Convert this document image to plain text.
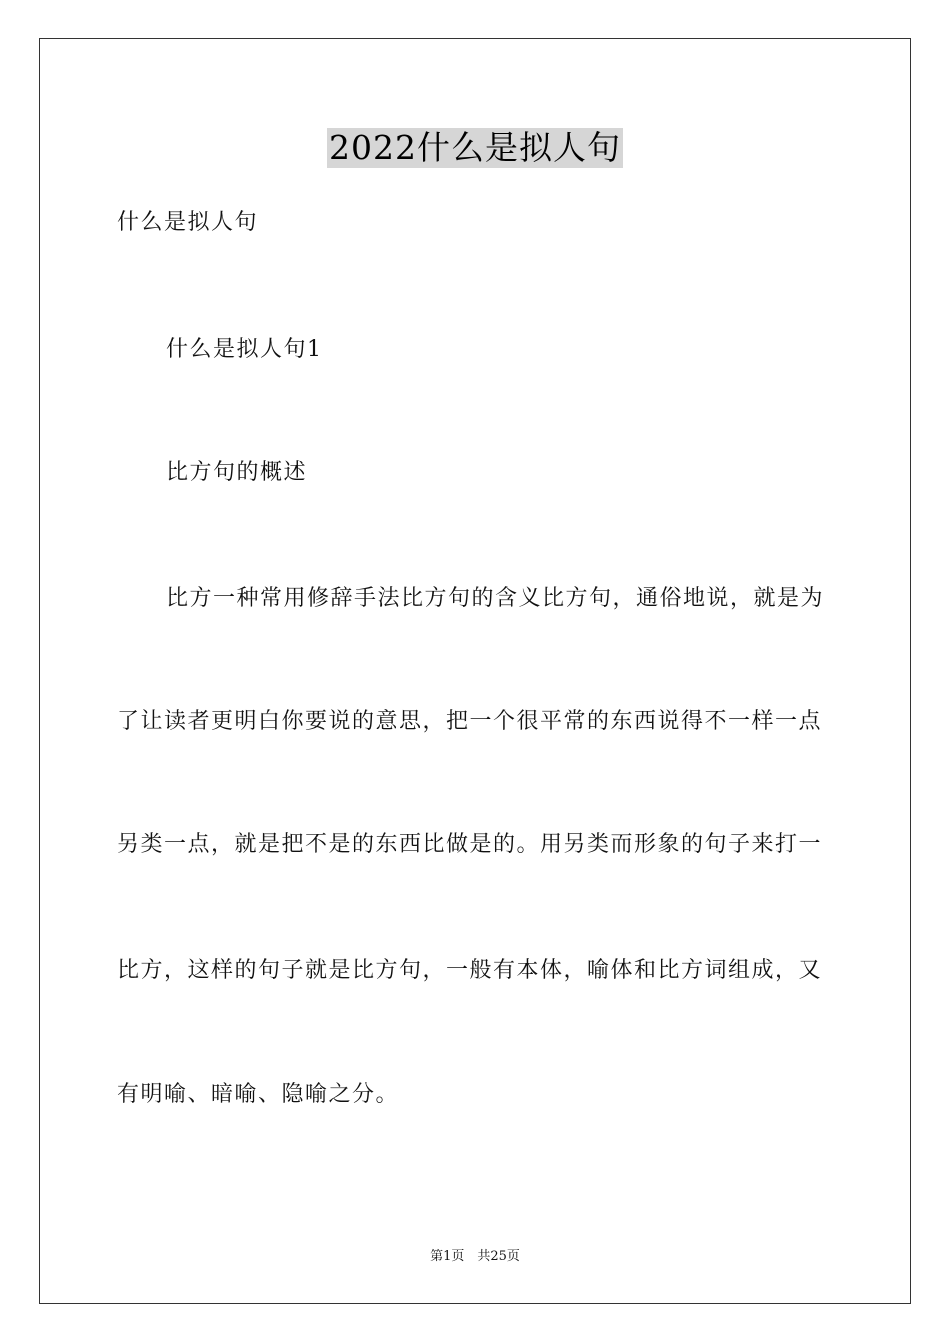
2022什么是拟人句
什么是拟人句
什么是拟人句1
比方句的概述
比方一种常用修辞手法比方句的含义比方句，通俗地说，就是为
了让读者更明白你要说的意思，把一个很平常的东西说得不一样一点
另类一点，就是把不是的东西比做是的。用另类而形象的句子来打一
比方，这样的句子就是比方句，一般有本体，喻体和比方词组成，又
有明喻、暗喻、隐喻之分。
第1页　共25页
